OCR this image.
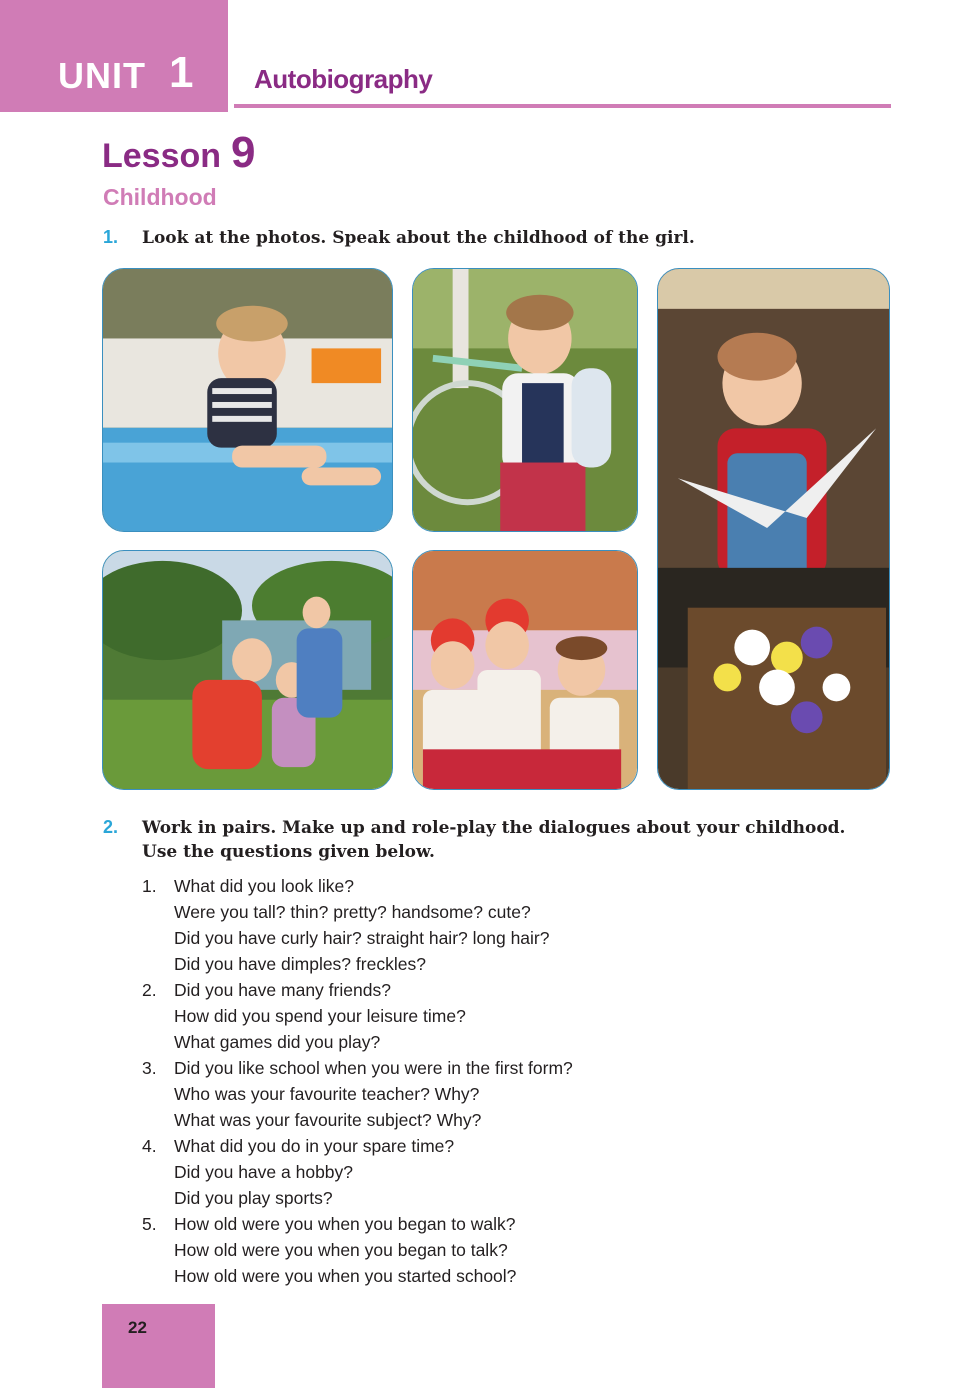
UNIT 1 Autobiography
Lesson 9
Childhood
1. Look at the photos. Speak about the childhood of the girl.
2. Work in pairs. Make up and role-play the dialogues about your childhood.
Use the questions given below.
1. What did you look like?
Were you tall? thin? pretty? handsome? cute?
Did you have curly hair? straight hair? long hair?
Did you have dimples? freckles?
2. Did you have many friends?
How did you spend your leisure time?
What games did you play?
3. Did you like school when you were in the first form?
Who was your favourite teacher? Why?
What was your favourite subject? Why?
4. What did you do in your spare time?
Did you have a hobby?
Did you play sports?
5. How old were you when you began to walk?
How old were you when you began to talk?
How old were you when you started school?
22
